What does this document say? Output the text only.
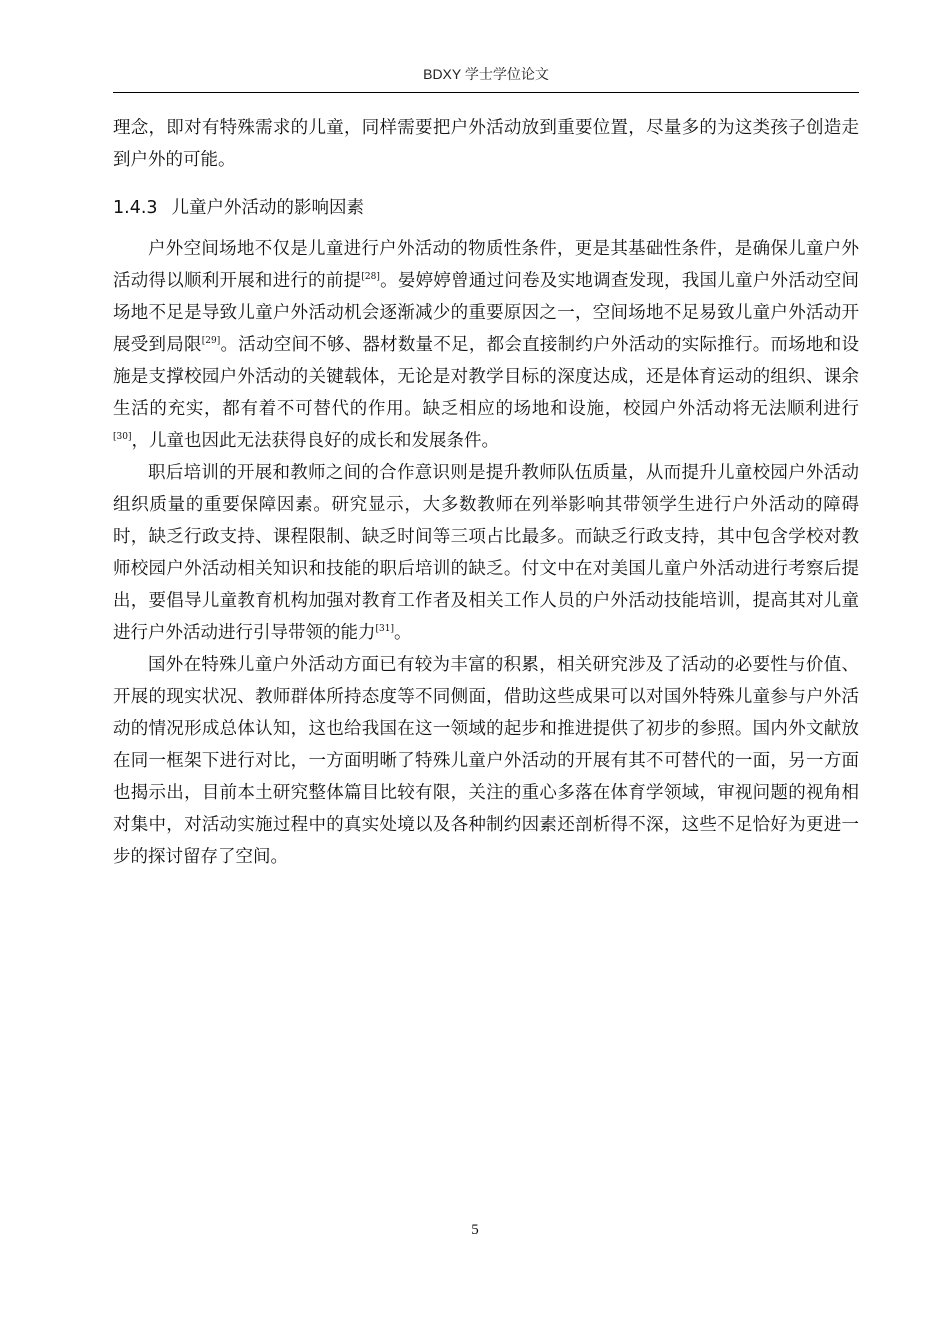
BDXY 学士学位论文

理念，即对有特殊需求的儿童，同样需要把户外活动放到重要位置，尽量多的为这类孩子创造走到户外的可能。

1.4.3 儿童户外活动的影响因素

户外空间场地不仅是儿童进行户外活动的物质性条件，更是其基础性条件，是确保儿童户外活动得以顺利开展和进行的前提[28]。晏婷婷曾通过问卷及实地调查发现，我国儿童户外活动空间场地不足是导致儿童户外活动机会逐渐减少的重要原因之一，空间场地不足易致儿童户外活动开展受到局限[29]。活动空间不够、器材数量不足，都会直接制约户外活动的实际推行。而场地和设施是支撑校园户外活动的关键载体，无论是对教学目标的深度达成，还是体育运动的组织、课余生活的充实，都有着不可替代的作用。缺乏相应的场地和设施，校园户外活动将无法顺利进行[30]，儿童也因此无法获得良好的成长和发展条件。

职后培训的开展和教师之间的合作意识则是提升教师队伍质量，从而提升儿童校园户外活动组织质量的重要保障因素。研究显示，大多数教师在列举影响其带领学生进行户外活动的障碍时，缺乏行政支持、课程限制、缺乏时间等三项占比最多。而缺乏行政支持，其中包含学校对教师校园户外活动相关知识和技能的职后培训的缺乏。付文中在对美国儿童户外活动进行考察后提出，要倡导儿童教育机构加强对教育工作者及相关工作人员的户外活动技能培训，提高其对儿童进行户外活动进行引导带领的能力[31]。

国外在特殊儿童户外活动方面已有较为丰富的积累，相关研究涉及了活动的必要性与价值、开展的现实状况、教师群体所持态度等不同侧面，借助这些成果可以对国外特殊儿童参与户外活动的情况形成总体认知，这也给我国在这一领域的起步和推进提供了初步的参照。国内外文献放在同一框架下进行对比，一方面明晰了特殊儿童户外活动的开展有其不可替代的一面，另一方面也揭示出，目前本土研究整体篇目比较有限，关注的重心多落在体育学领域，审视问题的视角相对集中，对活动实施过程中的真实处境以及各种制约因素还剖析得不深，这些不足恰好为更进一步的探讨留存了空间。

5
